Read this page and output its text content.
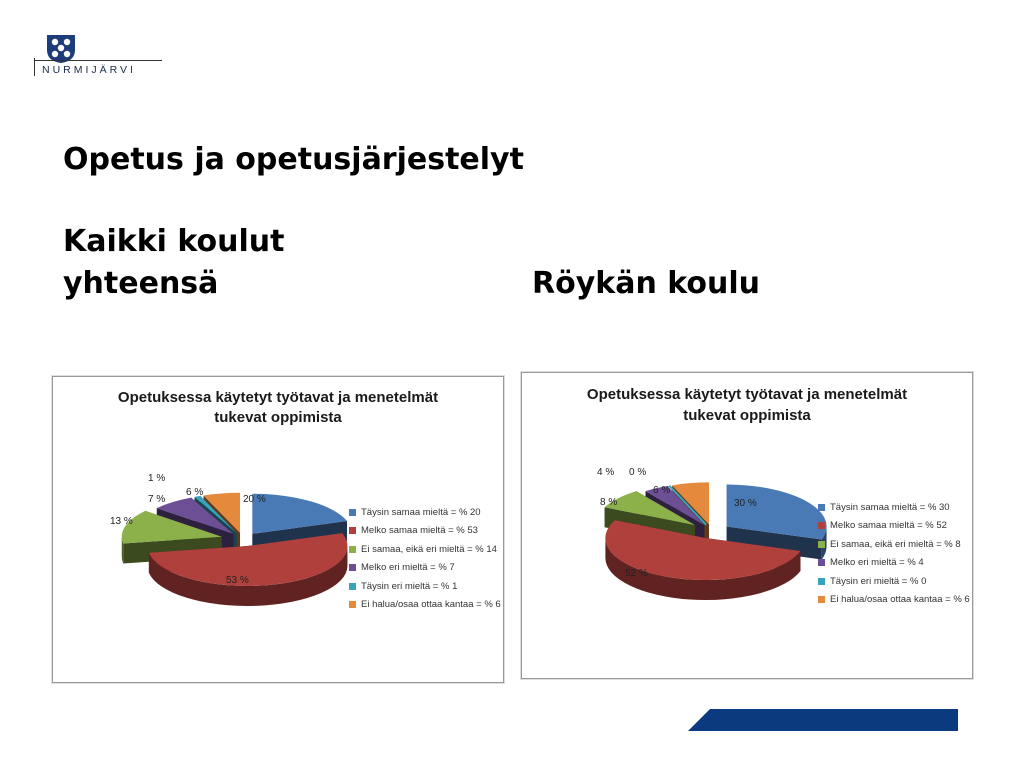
NURMIJÄRVI
Opetus ja opetusjärjestelyt
Kaikki koulut
yhteensä	Röykän koulu
Opetuksessa käytetyt työtavat ja menetelmät
tukevat oppimista
20 %
53 %
13 %
7 %
1 %
6 %
Täysin samaa mieltä = % 20
Melko samaa mieltä = % 53
Ei samaa, eikä eri mieltä = % 14
Melko eri mieltä = % 7
Täysin eri mieltä = % 1
Ei halua/osaa ottaa kantaa = % 6
Opetuksessa käytetyt työtavat ja menetelmät
tukevat oppimista
30 %
52 %
8 %
4 % 0 %
6 %
Täysin samaa mieltä = % 30
Melko samaa mieltä = % 52
Ei samaa, eikä eri mieltä = % 8
Melko eri mieltä = % 4
Täysin eri mieltä = % 0
Ei halua/osaa ottaa kantaa = % 6
